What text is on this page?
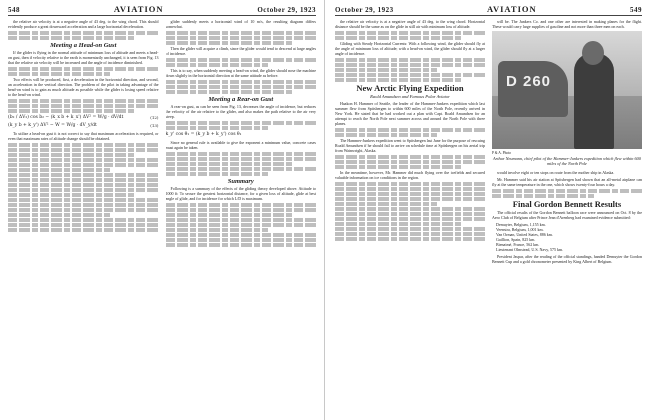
548	AVIATION	October 29, 1923

the relative air velocity is at a negative angle of 43 deg. to the wing chord. This should evidently produce a great downward acceleration and a large horizontal deceleration.

Meeting a Head-on Gust

If the glider is flying in the normal attitude of minimum loss of altitude and meets a head-on gust, then if velocity relative to the earth is momentarily unchanged, it is seen from Fig. 13 that the relative air velocity will be increased and the angle of incidence diminished.

Two effects will be produced, first, a deceleration in the horizontal direction, and second, an acceleration in the vertical direction. The problem of the pilot in taking advantage of the head-on wind is to gain as much altitude as possible while the glider is losing speed relative to the head-on wind.

(b₂ / ΔV₂) cos b₂ − (k_x b + k_x') ΔV² = W/g · dV/dt	(12)
(k_y b + k_y') ΔV² − W = W/g · dV_y/dt	(13)

To utilize a head-on gust it is not correct to say that maximum acceleration is required, or even that maximum rates of altitude change should be obtained.

glider suddenly meets a horizontal wind of 10 m/s, the resulting diagram differs somewhat.

Then the glider will acquire a climb, since the glider would tend to descend at large angles of incidence.

This is to say, when suddenly meeting a head-on wind, the glider should nose the machine down slightly in the horizontal direction at the same attitude as before.

Meeting a Rear-on Gust

A rear-on gust, as can be seen from Fig. 13, decreases the angle of incidence, but reduces the velocity of the air relative to the glider, and also makes the path relative to the air very steep.

k_y' cos θ₁ = (k_y b + k_y') cos θ₁

Since no general rule is available to give the exponent a minimum value, concrete cases must again be taken.

Summary

Following is a summary of the effects of the gliding theory developed above. Attitude to 1000 ft: To secure the greatest horizontal distance, for a given loss of altitude, glide at best angle of glide, and for incidence for which L/D is maximum.

October 29, 1923	AVIATION	549

the relative air velocity is at a negative angle of 43 deg. to the wing chord. Horizontal distance should be the same as on the glide in still air with minimum loss of altitude.

Gliding with Steady Horizontal Currents: With a following wind, the glider should fly at the angle of minimum loss of altitude; with a head-on wind, the glider should fly at a larger angle of incidence.

New Arctic Flying Expedition
Raold Amundsen and Famous Polar Aviator

Haakon H. Hammer of Seattle, the leader of the Hammer-Junkers expedition which last summer flew from Spitsbergen to within 600 miles of the North Pole, recently arrived in New York. He stated that he had worked out a plan with Capt. Roald Amundsen for an attempt to reach the North Pole next summer across and around the North Pole with three planes.

The Hammer-Junkers expedition went to Spitsbergen last June for the purpose of rescuing Roald Amundsen if he should fail to arrive on schedule time at Spitsbergen on his aerial trip from Wainwright, Alaska.

In the meantime, however, Mr. Hammer did much flying over the icefields and secured valuable information on ice conditions in the region.

will be. The Junkers Co. and one other are interested in making planes for the flight. These would carry large supplies of gasoline and not more than three men on each.

D 260
P & A. Photo
Arthur Neumann, chief pilot of the Hammer-Junkers expedition which flew within 600 miles of the North Pole

would involve eight or ten stops on route from the mother ship in Alaska.

Mr. Hammer said his air station at Spitsbergen had shown that an all-metal airplane can fly at the same temperature in the one, which shows twenty-four hours a day.

Final Gordon Bennett Results

The official results of the Gordon Bennett balloon race were announced on Oct. 8 by the Aero Club of Belgium after Prince Jean d'Arenberg had examined evidence submitted:

Demuyter, Belgium, 1,155 km.
Veenstra, Belgium, 1,001 km.
Van Orman, United States, 886 km.
Gaillion, Spain, 825 km.
Bienaimé, France, 562 km.
Lieutenant Olmstead, U.S. Navy, 575 km.

President Jaspar, after the reading of the official standings, handed Demuyter the Gordon Bennett Cup and a gold chronometer presented by King Albert of Belgium.
